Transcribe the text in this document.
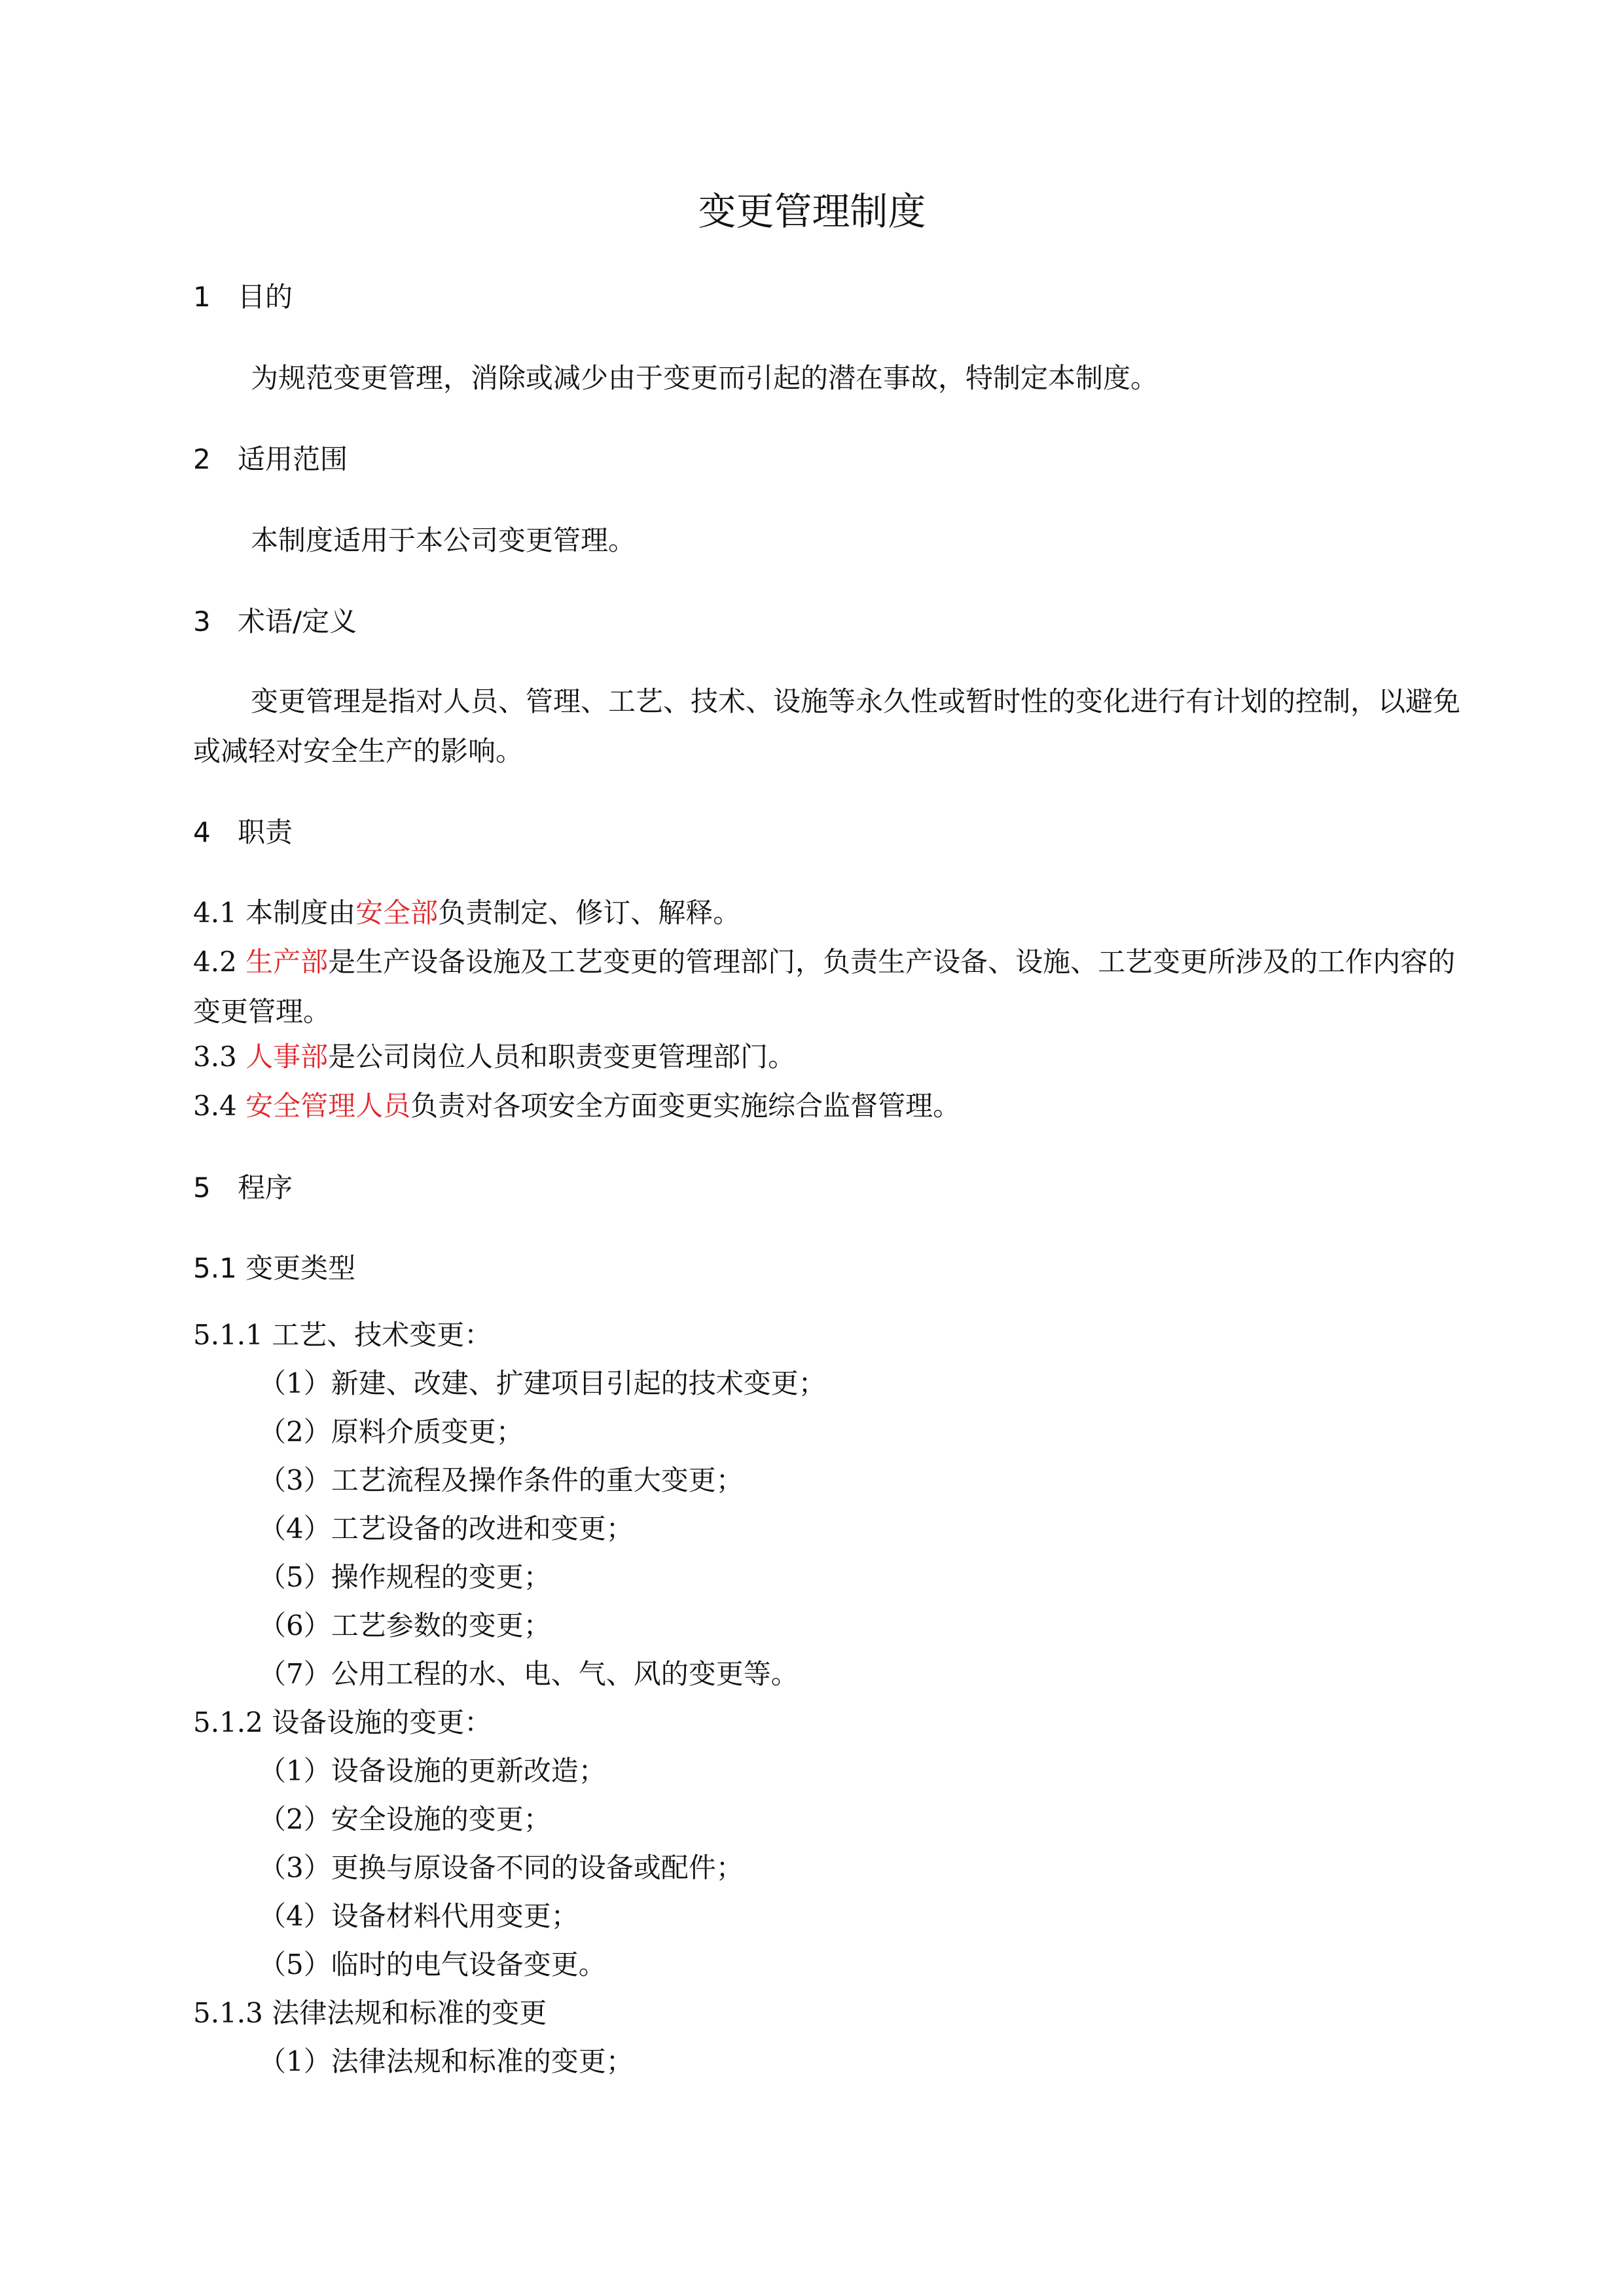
变更管理制度
1 目的
为规范变更管理，消除或减少由于变更而引起的潜在事故，特制定本制度。
2 适用范围
本制度适用于本公司变更管理。
3 术语/定义
变更管理是指对人员、管理、工艺、技术、设施等永久性或暂时性的变化进行有计划的控制，以避免或减轻对安全生产的影响。
4 职责
4.1 本制度由安全部负责制定、修订、解释。
4.2 生产部是生产设备设施及工艺变更的管理部门，负责生产设备、设施、工艺变更所涉及的工作内容的变更管理。
3.3 人事部是公司岗位人员和职责变更管理部门。
3.4 安全管理人员负责对各项安全方面变更实施综合监督管理。
5 程序
5.1 变更类型
5.1.1 工艺、技术变更：
（1）新建、改建、扩建项目引起的技术变更；
（2）原料介质变更；
（3）工艺流程及操作条件的重大变更；
（4）工艺设备的改进和变更；
（5）操作规程的变更；
（6）工艺参数的变更；
（7）公用工程的水、电、气、风的变更等。
5.1.2 设备设施的变更：
（1）设备设施的更新改造；
（2）安全设施的变更；
（3）更换与原设备不同的设备或配件；
（4）设备材料代用变更；
（5）临时的电气设备变更。
5.1.3 法律法规和标准的变更
（1）法律法规和标准的变更；
